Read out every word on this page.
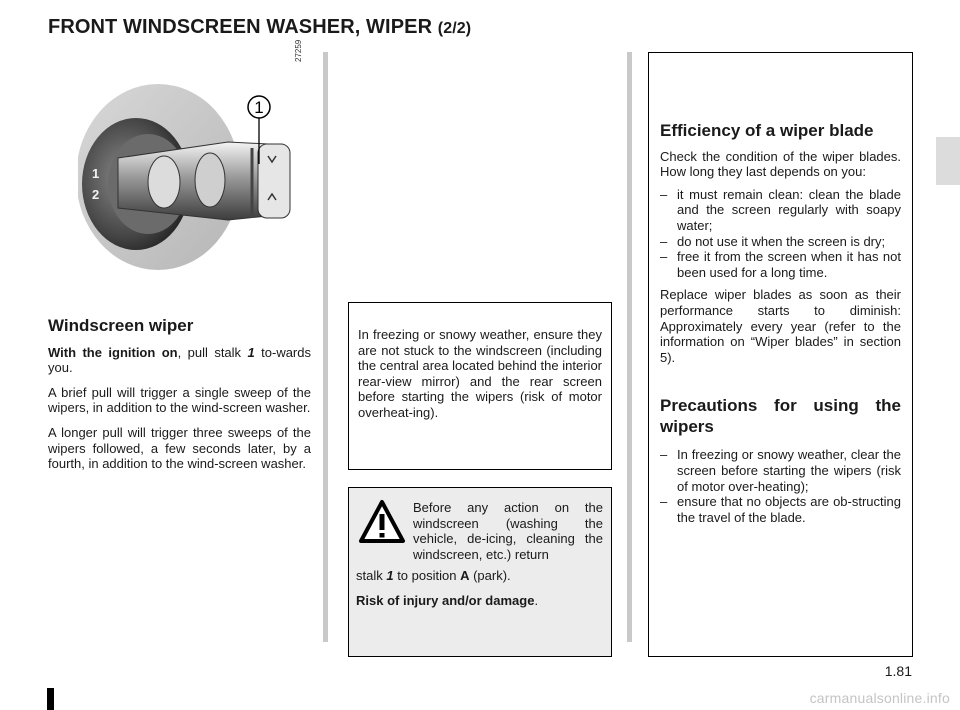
FRONT WINDSCREEN WASHER, WIPER (2/2)
27259
1
2
1
Windscreen wiper

With the ignition on, pull stalk 1 to-wards you.

A brief pull will trigger a single sweep of the wipers, in addition to the wind-screen washer.

A longer pull will trigger three sweeps of the wipers followed, a few seconds later, by a fourth, in addition to the wind-screen washer.

In freezing or snowy weather, ensure they are not stuck to the windscreen (including the central area located behind the interior rear-view mirror) and the rear screen before starting the wipers (risk of motor overheat-ing).

Before any action on the windscreen (washing the vehicle, de-icing, cleaning the windscreen, etc.) return

stalk 1 to position A (park).

Risk of injury and/or damage.

Efficiency of a wiper blade

Check the condition of the wiper blades. How long they last depends on you:

– it must remain clean: clean the blade and the screen regularly with soapy water;
– do not use it when the screen is dry;
– free it from the screen when it has not been used for a long time.

Replace wiper blades as soon as their performance starts to diminish: Approximately every year (refer to the information on “Wiper blades” in section 5).

Precautions for using the wipers
– In freezing or snowy weather, clear the screen before starting the wipers (risk of motor over-heating);
– ensure that no objects are ob-structing the travel of the blade.
1.81
carmanualsonline.info
